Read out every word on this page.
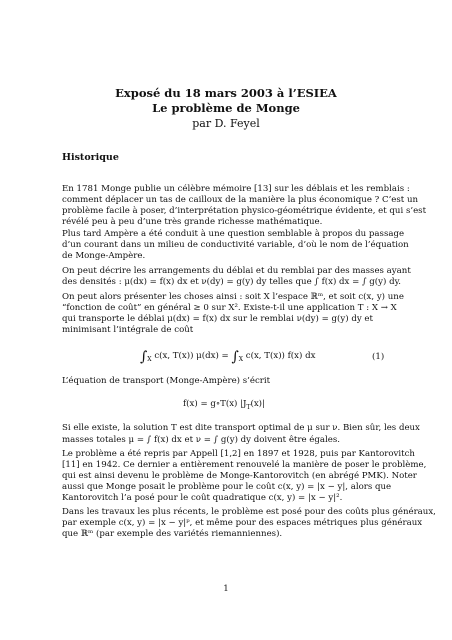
Exposé du 18 mars 2003 à l’ESIEA
Le problème de Monge
par D. Feyel
Historique
En 1781 Monge publie un célèbre mémoire [13] sur les déblais et les remblais :
comment déplacer un tas de cailloux de la manière la plus économique ? C’est un
problème facile à poser, d’interprétation physico-géométrique évidente, et qui s’est
révélé peu à peu d’une très grande richesse mathématique.
Plus tard Ampère a été conduit à une question semblable à propos du passage
d’un courant dans un milieu de conductivité variable, d’où le nom de l’équation
de Monge-Ampère.
On peut décrire les arrangements du déblai et du remblai par des masses ayant
des densités : μ(dx) = f(x) dx et ν(dy) = g(y) dy telles que ∫ f(x) dx = ∫ g(y) dy.
On peut alors présenter les choses ainsi : soit X l’espace ℝᵐ, et soit c(x, y) une
“fonction de coût” en général ≥ 0 sur X². Existe-t-il une application T : X → X
qui transporte le déblai μ(dx) = f(x) dx sur le remblai ν(dy) = g(y) dy et
minimisant l’intégrale de coût
$\int_X$ c(x, T(x)) $\mu(dx) = \int_X$ c(x, T(x)) f(x) dx	(1)
L’équation de transport (Monge-Ampère) s’écrit
f(x) = g∘T(x) $|J_T(x)|$
Si elle existe, la solution T est dite transport optimal de μ sur ν. Bien sûr, les deux
masses totales μ = ∫ f(x) dx et ν = ∫ g(y) dy doivent être égales.
Le problème a été repris par Appell [1,2] en 1897 et 1928, puis par Kantorovitch
[11] en 1942. Ce dernier a entièrement renouvelé la manière de poser le problème,
qui est ainsi devenu le problème de Monge-Kantorovitch (en abrégé PMK). Noter
aussi que Monge posait le problème pour le coût c(x, y) = |x − y|, alors que
Kantorovitch l’a posé pour le coût quadratique c(x, y) = |x − y|².
Dans les travaux les plus récents, le problème est posé pour des coûts plus généraux,
par exemple c(x, y) = |x − y|ᵖ, et même pour des espaces métriques plus généraux
que ℝᵐ (par exemple des variétés riemanniennes).
1
